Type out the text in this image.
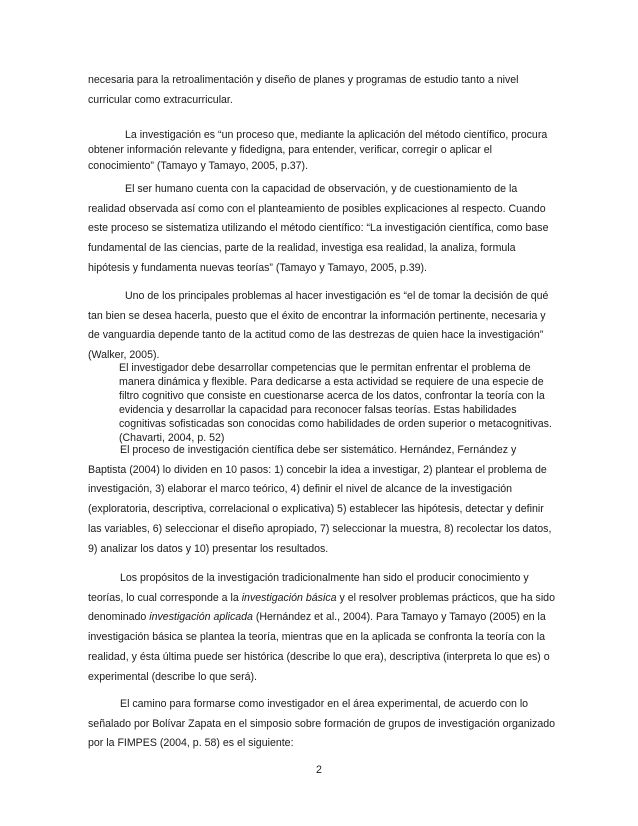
necesaria para la retroalimentación y diseño de planes y programas de estudio tanto a nivel curricular como extracurricular.

La investigación es “un proceso que, mediante la aplicación del método científico, procura obtener información relevante y fidedigna, para entender, verificar, corregir o aplicar el conocimiento” (Tamayo y Tamayo, 2005, p.37).

El ser humano cuenta con la capacidad de observación, y de cuestionamiento de la realidad observada así como con el planteamiento de posibles explicaciones al respecto. Cuando este proceso se sistematiza utilizando el método científico: “La investigación científica, como base fundamental de las ciencias, parte de la realidad, investiga esa realidad, la analiza, formula hipótesis y fundamenta nuevas teorías” (Tamayo y Tamayo, 2005, p.39).

Uno de los principales problemas al hacer investigación es “el de tomar la decisión de qué tan bien se desea hacerla, puesto que el éxito de encontrar la información pertinente, necesaria y de vanguardia depende tanto de la actitud como de las destrezas de quien hace la investigación” (Walker, 2005).

El investigador debe desarrollar competencias que le permitan enfrentar el problema de manera dinámica y flexible. Para dedicarse a esta actividad se requiere de una especie de filtro cognitivo que consiste en cuestionarse acerca de los datos, confrontar la teoría con la evidencia y desarrollar la capacidad para reconocer falsas teorías. Estas habilidades cognitivas sofisticadas son conocidas como habilidades de orden superior o metacognitivas. (Chavarti, 2004, p. 52)

El proceso de investigación científica debe ser sistemático. Hernández, Fernández y Baptista (2004) lo dividen en 10 pasos: 1) concebir la idea a investigar, 2) plantear el problema de investigación, 3) elaborar el marco teórico, 4) definir el nivel de alcance de la investigación (exploratoria, descriptiva, correlacional o explicativa) 5) establecer las hipótesis, detectar y definir las variables, 6) seleccionar el diseño apropiado, 7) seleccionar la muestra, 8) recolectar los datos, 9) analizar los datos y 10) presentar los resultados.

Los propósitos de la investigación tradicionalmente han sido el producir conocimiento y teorías, lo cual corresponde a la investigación básica y el resolver problemas prácticos, que ha sido denominado investigación aplicada (Hernández et al., 2004). Para Tamayo y Tamayo (2005) en la investigación básica se plantea la teoría, mientras que en la aplicada se confronta la teoría con la realidad, y ésta última puede ser histórica (describe lo que era), descriptiva (interpreta lo que es) o experimental (describe lo que será).

El camino para formarse como investigador en el área experimental, de acuerdo con lo señalado por Bolívar Zapata en el simposio sobre formación de grupos de investigación organizado por la FIMPES (2004, p. 58) es el siguiente:

2
